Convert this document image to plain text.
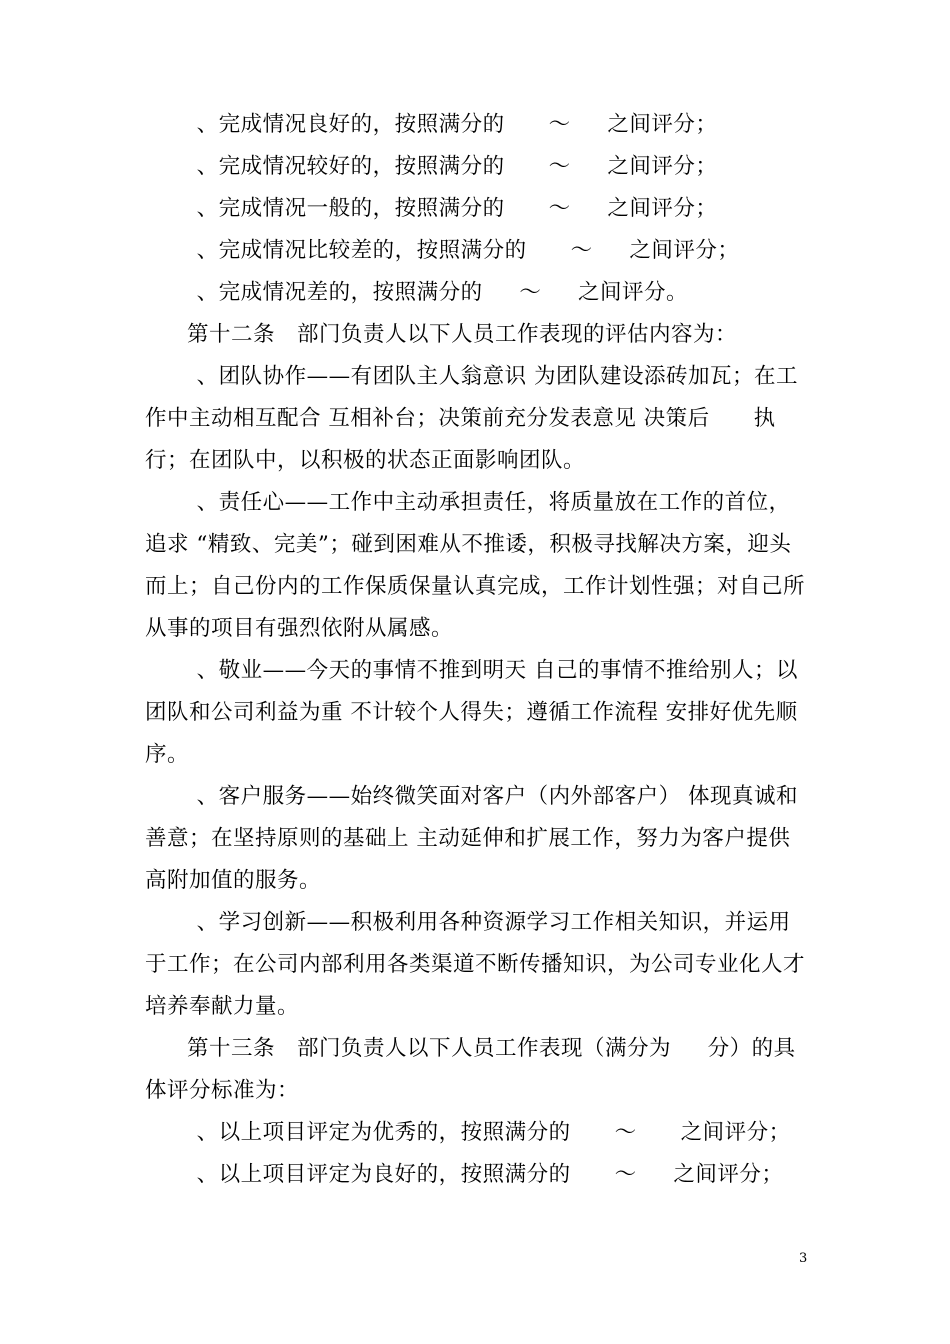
、完成情况良好的，按照满分的      ～     之间评分；
、完成情况较好的，按照满分的      ～     之间评分；
、完成情况一般的，按照满分的      ～     之间评分；
、完成情况比较差的，按照满分的      ～     之间评分；
、完成情况差的，按照满分的     ～     之间评分。
第十二条   部门负责人以下人员工作表现的评估内容为：
、团队协作——有团队主人翁意识 为团队建设添砖加瓦；在工
作中主动相互配合 互相补台；决策前充分发表意见 决策后      执
行；在团队中，以积极的状态正面影响团队。
、责任心——工作中主动承担责任，将质量放在工作的首位，
追求 “精致、完美”；碰到困难从不推诿，积极寻找解决方案，迎头
而上；自己份内的工作保质保量认真完成，工作计划性强；对自己所
从事的项目有强烈依附从属感。
、敬业——今天的事情不推到明天 自己的事情不推给别人；以
团队和公司利益为重 不计较个人得失；遵循工作流程 安排好优先顺
序。
、客户服务——始终微笑面对客户（内外部客户） 体现真诚和
善意；在坚持原则的基础上 主动延伸和扩展工作，努力为客户提供
高附加值的服务。
、学习创新——积极利用各种资源学习工作相关知识，并运用
于工作；在公司内部利用各类渠道不断传播知识，为公司专业化人才
培养奉献力量。
第十三条   部门负责人以下人员工作表现（满分为     分）的具
体评分标准为：
、以上项目评定为优秀的，按照满分的      ～      之间评分；
、以上项目评定为良好的，按照满分的      ～     之间评分；
3
